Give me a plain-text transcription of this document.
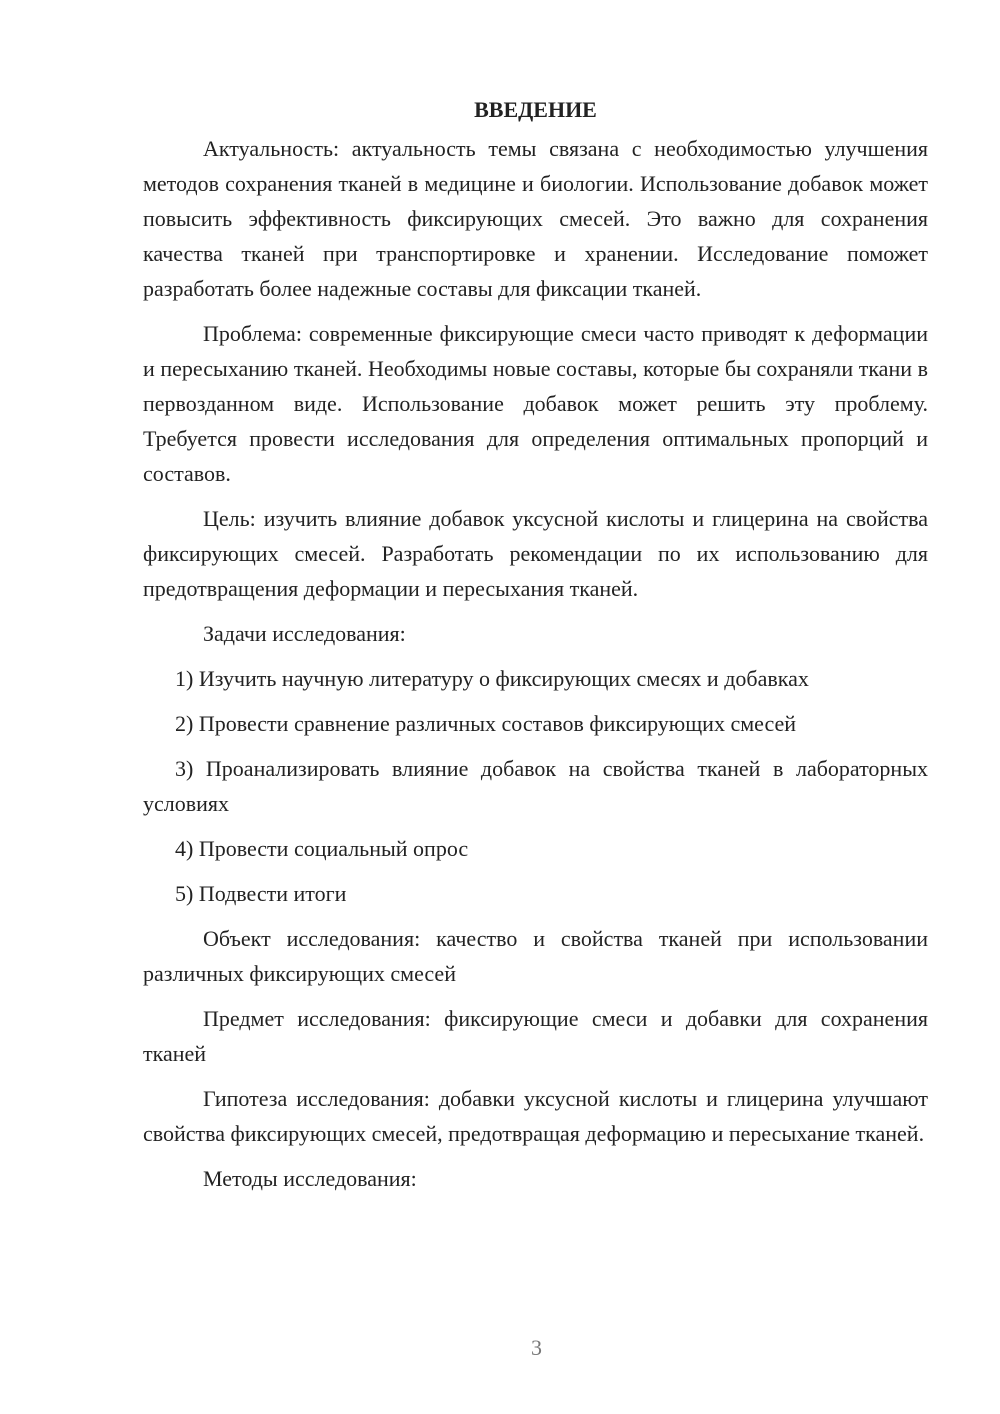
ВВЕДЕНИЕ

Актуальность: актуальность темы связана с необходимостью улучшения методов сохранения тканей в медицине и биологии. Использование добавок может повысить эффективность фиксирующих смесей. Это важно для сохранения качества тканей при транспортировке и хранении. Исследование поможет разработать более надежные составы для фиксации тканей.

Проблема: современные фиксирующие смеси часто приводят к деформации и пересыханию тканей. Необходимы новые составы, которые бы сохраняли ткани в первозданном виде. Использование добавок может решить эту проблему. Требуется провести исследования для определения оптимальных пропорций и составов.

Цель: изучить влияние добавок уксусной кислоты и глицерина на свойства фиксирующих смесей. Разработать рекомендации по их использованию для предотвращения деформации и пересыхания тканей.

Задачи исследования:

1) Изучить научную литературу о фиксирующих смесях и добавках

2) Провести сравнение различных составов фиксирующих смесей

3) Проанализировать влияние добавок на свойства тканей в лабораторных условиях

4) Провести социальный опрос

5) Подвести итоги

Объект исследования: качество и свойства тканей при использовании различных фиксирующих смесей

Предмет исследования: фиксирующие смеси и добавки для сохранения тканей

Гипотеза исследования: добавки уксусной кислоты и глицерина улучшают свойства фиксирующих смесей, предотвращая деформацию и пересыхание тканей.

Методы исследования:

3
